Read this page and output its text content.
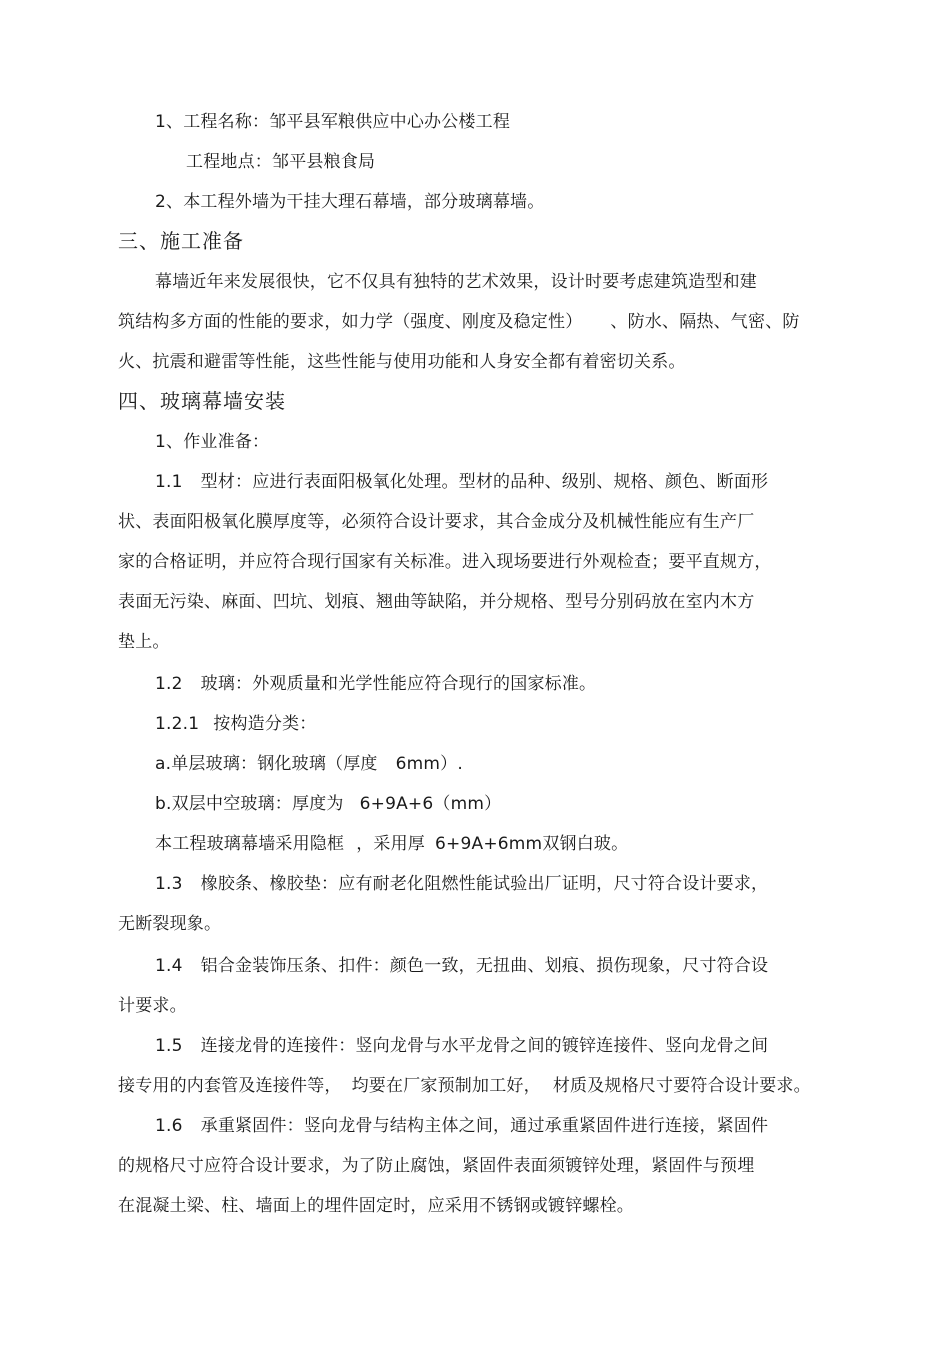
1、工程名称：邹平县军粮供应中心办公楼工程
工程地点：邹平县粮食局
2、本工程外墙为干挂大理石幕墙，部分玻璃幕墙。
三、施工准备
幕墙近年来发展很快，它不仅具有独特的艺术效果，设计时要考虑建筑造型和建
筑结构多方面的性能的要求，如力学（强度、刚度及稳定性） 、防水、隔热、气密、防
火、抗震和避雷等性能，这些性能与使用功能和人身安全都有着密切关系。
四、玻璃幕墙安装
1、作业准备：
1.1 型材：应进行表面阳极氧化处理。型材的品种、级别、规格、颜色、断面形
状、表面阳极氧化膜厚度等，必须符合设计要求，其合金成分及机械性能应有生产厂
家的合格证明，并应符合现行国家有关标准。进入现场要进行外观检查；要平直规方，
表面无污染、麻面、凹坑、划痕、翘曲等缺陷，并分规格、型号分别码放在室内木方
垫上。
1.2 玻璃：外观质量和光学性能应符合现行的国家标准。
1.2.1 按构造分类：
a.单层玻璃：钢化玻璃（厚度 6mm）.
b.双层中空玻璃：厚度为 6+9A+6（mm）
本工程玻璃幕墙采用隐框 ，采用厚 6+9A+6mm双钢白玻。
1.3 橡胶条、橡胶垫：应有耐老化阻燃性能试验出厂证明，尺寸符合设计要求，
无断裂现象。
1.4 铝合金装饰压条、扣件：颜色一致，无扭曲、划痕、损伤现象，尺寸符合设
计要求。
1.5 连接龙骨的连接件：竖向龙骨与水平龙骨之间的镀锌连接件、竖向龙骨之间
接专用的内套管及连接件等， 均要在厂家预制加工好， 材质及规格尺寸要符合设计要求。
1.6 承重紧固件：竖向龙骨与结构主体之间，通过承重紧固件进行连接，紧固件
的规格尺寸应符合设计要求，为了防止腐蚀，紧固件表面须镀锌处理，紧固件与预埋
在混凝土梁、柱、墙面上的埋件固定时，应采用不锈钢或镀锌螺栓。
